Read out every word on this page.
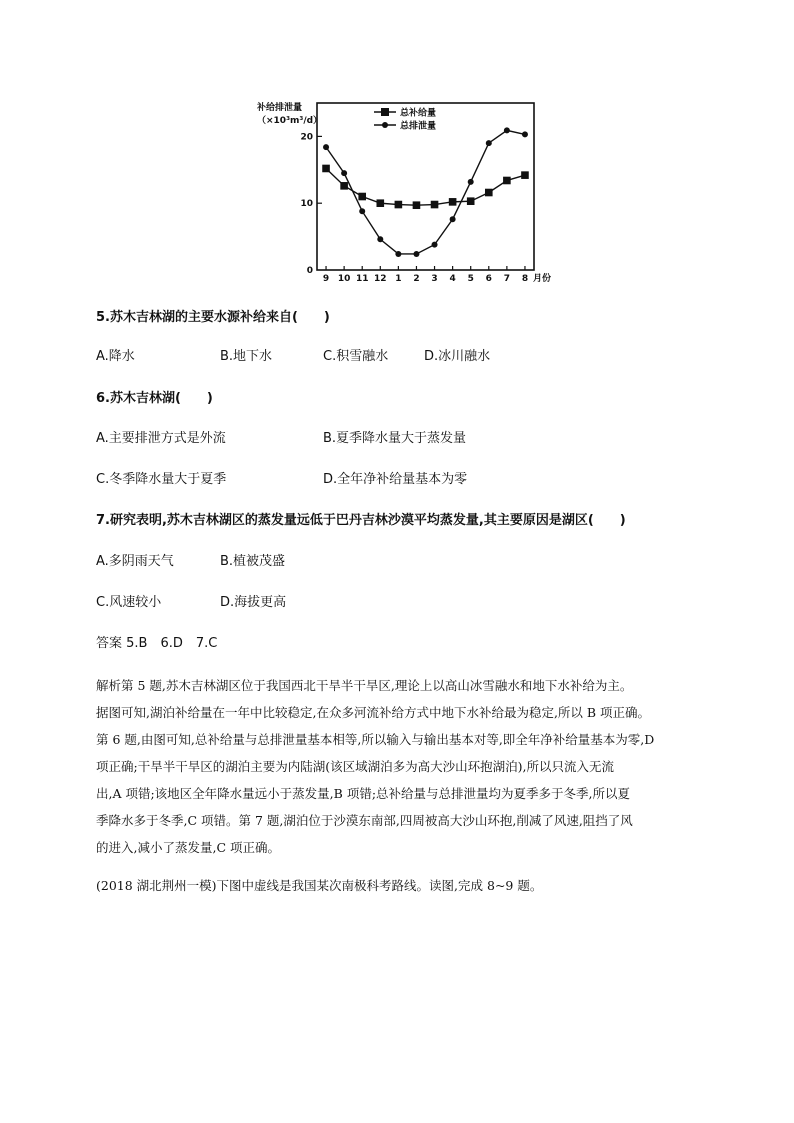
补给排泄量
（×10³m³/d）
0
10
20
9 10 11 12 1 2 3 4 5 6 7 8 月份
总补给量
总排泄量
5.苏木吉林湖的主要水源补给来自(　　)
A.降水	B.地下水	C.积雪融水	D.冰川融水
6.苏木吉林湖(　　)
A.主要排泄方式是外流	B.夏季降水量大于蒸发量
C.冬季降水量大于夏季	D.全年净补给量基本为零
7.研究表明,苏木吉林湖区的蒸发量远低于巴丹吉林沙漠平均蒸发量,其主要原因是湖区(　　)
A.多阴雨天气	B.植被茂盛
C.风速较小	D.海拔更高
答案 5.B　6.D　7.C
解析第 5 题,苏木吉林湖区位于我国西北干旱半干旱区,理论上以高山冰雪融水和地下水补给为主。
据图可知,湖泊补给量在一年中比较稳定,在众多河流补给方式中地下水补给最为稳定,所以 B 项正确。
第 6 题,由图可知,总补给量与总排泄量基本相等,所以输入与输出基本对等,即全年净补给量基本为零,D
项正确;干旱半干旱区的湖泊主要为内陆湖(该区域湖泊多为高大沙山环抱湖泊),所以只流入无流
出,A 项错;该地区全年降水量远小于蒸发量,B 项错;总补给量与总排泄量均为夏季多于冬季,所以夏
季降水多于冬季,C 项错。第 7 题,湖泊位于沙漠东南部,四周被高大沙山环抱,削减了风速,阻挡了风
的进入,减小了蒸发量,C 项正确。
(2018 湖北荆州一模)下图中虚线是我国某次南极科考路线。读图,完成 8~9 题。
